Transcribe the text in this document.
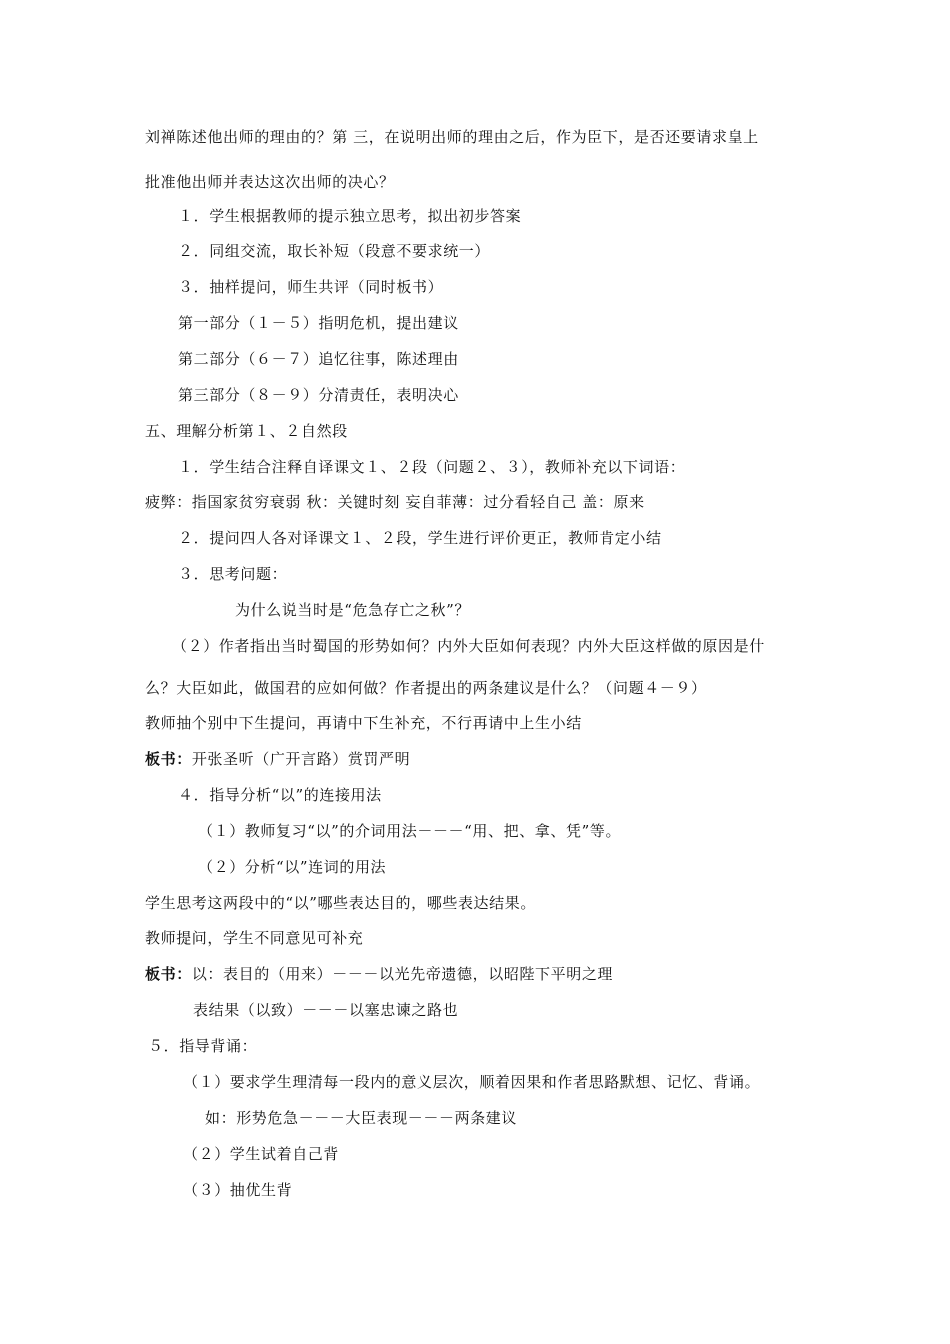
刘禅陈述他出师的理由的？第 三，在说明出师的理由之后，作为臣下，是否还要请求皇上
批准他出师并表达这次出师的决心？
１．学生根据教师的提示独立思考，拟出初步答案
２．同组交流，取长补短（段意不要求统一）
３．抽样提问，师生共评（同时板书）
第一部分（１－５）指明危机，提出建议
第二部分（６－７）追忆往事，陈述理由
第三部分（８－９）分清责任，表明决心
五、理解分析第１、２自然段
１．学生结合注释自译课文１、２段（问题２、３），教师补充以下词语：
疲弊：指国家贫穷衰弱 秋：关键时刻 妄自菲薄：过分看轻自己 盖：原来
２．提问四人各对译课文１、２段，学生进行评价更正，教师肯定小结
３．思考问题：
为什么说当时是“危急存亡之秋”？
（２）作者指出当时蜀国的形势如何？内外大臣如何表现？内外大臣这样做的原因是什
么？大臣如此，做国君的应如何做？作者提出的两条建议是什么？（问题４－９）
教师抽个别中下生提问，再请中下生补充，不行再请中上生小结
板书：开张圣听（广开言路）赏罚严明
４．指导分析“以”的连接用法
（１）教师复习“以”的介词用法－－－“用、把、拿、凭”等。
（２）分析“以”连词的用法
学生思考这两段中的“以”哪些表达目的，哪些表达结果。
教师提问，学生不同意见可补充
板书：以：表目的（用来）－－－以光先帝遗德，以昭陛下平明之理
表结果（以致）－－－以塞忠谏之路也
５．指导背诵：
（１）要求学生理清每一段内的意义层次，顺着因果和作者思路默想、记忆、背诵。
如：形势危急－－－大臣表现－－－两条建议
（２）学生试着自己背
（３）抽优生背
